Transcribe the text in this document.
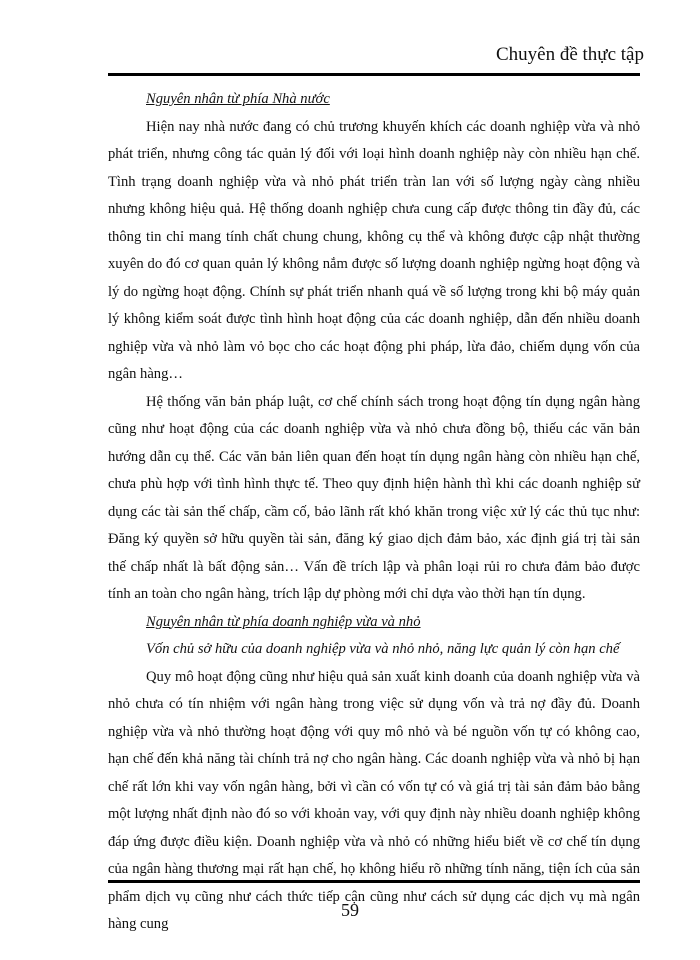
Chuyên đề thực tập

Nguyên nhân từ phía Nhà nước

Hiện nay nhà nước đang có chủ trương khuyến khích các doanh nghiệp vừa và nhỏ phát triển, nhưng công tác quản lý đối với loại hình doanh nghiệp này còn nhiều hạn chế. Tình trạng doanh nghiệp vừa và nhỏ phát triển tràn lan với số lượng ngày càng nhiều nhưng không hiệu quả. Hệ thống doanh nghiệp chưa cung cấp được thông tin đầy đủ, các thông tin chỉ mang tính chất chung chung, không cụ thể và không được cập nhật thường xuyên do đó cơ quan quản lý không nắm được số lượng doanh nghiệp ngừng hoạt động và lý do ngừng hoạt động. Chính sự phát triển nhanh quá về số lượng trong khi bộ máy quản lý không kiểm soát được tình hình hoạt động của các doanh nghiệp, dẫn đến nhiều doanh nghiệp vừa và nhỏ làm vỏ bọc cho các hoạt động phi pháp, lừa đảo, chiếm dụng vốn của ngân hàng…

Hệ thống văn bản pháp luật, cơ chế chính sách trong hoạt động tín dụng ngân hàng cũng như hoạt động của các doanh nghiệp vừa và nhỏ chưa đồng bộ, thiếu các văn bản hướng dẫn cụ thể. Các văn bản liên quan đến hoạt tín dụng ngân hàng còn nhiều hạn chế, chưa phù hợp với tình hình thực tế. Theo quy định hiện hành thì khi các doanh nghiệp sử dụng các tài sản thế chấp, cầm cố, bảo lãnh rất khó khăn trong việc xử lý các thủ tục như: Đăng ký quyền sở hữu quyền tài sản, đăng ký giao dịch đảm bảo, xác định giá trị tài sản thế chấp nhất là bất động sản… Vấn đề trích lập và phân loại rủi ro chưa đảm bảo được tính an toàn cho ngân hàng, trích lập dự phòng mới chỉ dựa vào thời hạn tín dụng.

Nguyên nhân từ phía doanh nghiệp vừa và nhỏ

Vốn chủ sở hữu của doanh nghiệp vừa và nhỏ nhỏ, năng lực quản lý còn hạn chế

Quy mô hoạt động cũng như hiệu quả sản xuất kinh doanh của doanh nghiệp vừa và nhỏ chưa có tín nhiệm với ngân hàng trong việc sử dụng vốn và trả nợ đầy đủ. Doanh nghiệp vừa và nhỏ thường hoạt động với quy mô nhỏ và bé nguồn vốn tự có không cao, hạn chế đến khả năng tài chính trả nợ cho ngân hàng. Các doanh nghiệp vừa và nhỏ bị hạn chế rất lớn khi vay vốn ngân hàng, bởi vì cần có vốn tự có và giá trị tài sản đảm bảo bằng một lượng nhất định nào đó so với khoản vay, với quy định này nhiều doanh nghiệp không đáp ứng được điều kiện. Doanh nghiệp vừa và nhỏ có những hiểu biết về cơ chế tín dụng của ngân hàng thương mại rất hạn chế, họ không hiểu rõ những tính năng, tiện ích của sản phẩm dịch vụ cũng như cách thức tiếp cận cũng như cách sử dụng các dịch vụ mà ngân hàng cung

59
